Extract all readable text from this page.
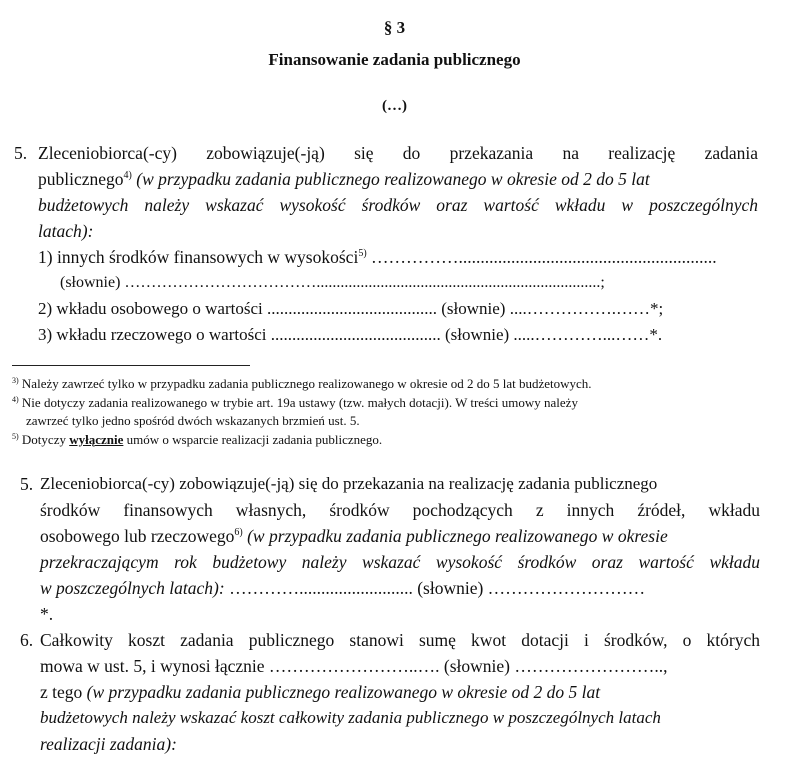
§ 3
Finansowanie zadania publicznego
(…)
5. Zleceniobiorca(-cy) zobowiązuje(-ją) się do przekazania na realizację zadania
publicznego$^{4)}$ (w przypadku zadania publicznego realizowanego w okresie od 2 do 5 lat
budżetowych należy wskazać wysokość środków oraz wartość wkładu w poszczególnych
latach):
1) innych środków finansowych w wysokości$^{5)}$ ……………...........................................................
(słownie) ……………………………….......................................................................;
2) wkładu osobowego o wartości ........................................ (słownie) ....…………….……*;
3) wkładu rzeczowego o wartości ........................................ (słownie) .....…………...……*.
$^{3)}$ Należy zawrzeć tylko w przypadku zadania publicznego realizowanego w okresie od 2 do 5 lat budżetowych.
$^{4)}$ Nie dotyczy zadania realizowanego w trybie art. 19a ustawy (tzw. małych dotacji). W treści umowy należy
zawrzeć tylko jedno spośród dwóch wskazanych brzmień ust. 5.
$^{5)}$ Dotyczy wyłącznie umów o wsparcie realizacji zadania publicznego.
5. Zleceniobiorca(-cy) zobowiązuje(-ją) się do przekazania na realizację zadania publicznego
środków finansowych własnych, środków pochodzących z innych źródeł, wkładu
osobowego lub rzeczowego$^{6)}$ (w przypadku zadania publicznego realizowanego w okresie
przekraczającym rok budżetowy należy wskazać wysokość środków oraz wartość wkładu
w poszczególnych latach): ………….......................... (słownie) ………………………
*.
6. Całkowity koszt zadania publicznego stanowi sumę kwot dotacji i środków, o których
mowa w ust. 5, i wynosi łącznie ……………………..…. (słownie) ……………………..,
z tego (w przypadku zadania publicznego realizowanego w okresie od 2 do 5 lat
budżetowych należy wskazać koszt całkowity zadania publicznego w poszczególnych latach
realizacji zadania):
